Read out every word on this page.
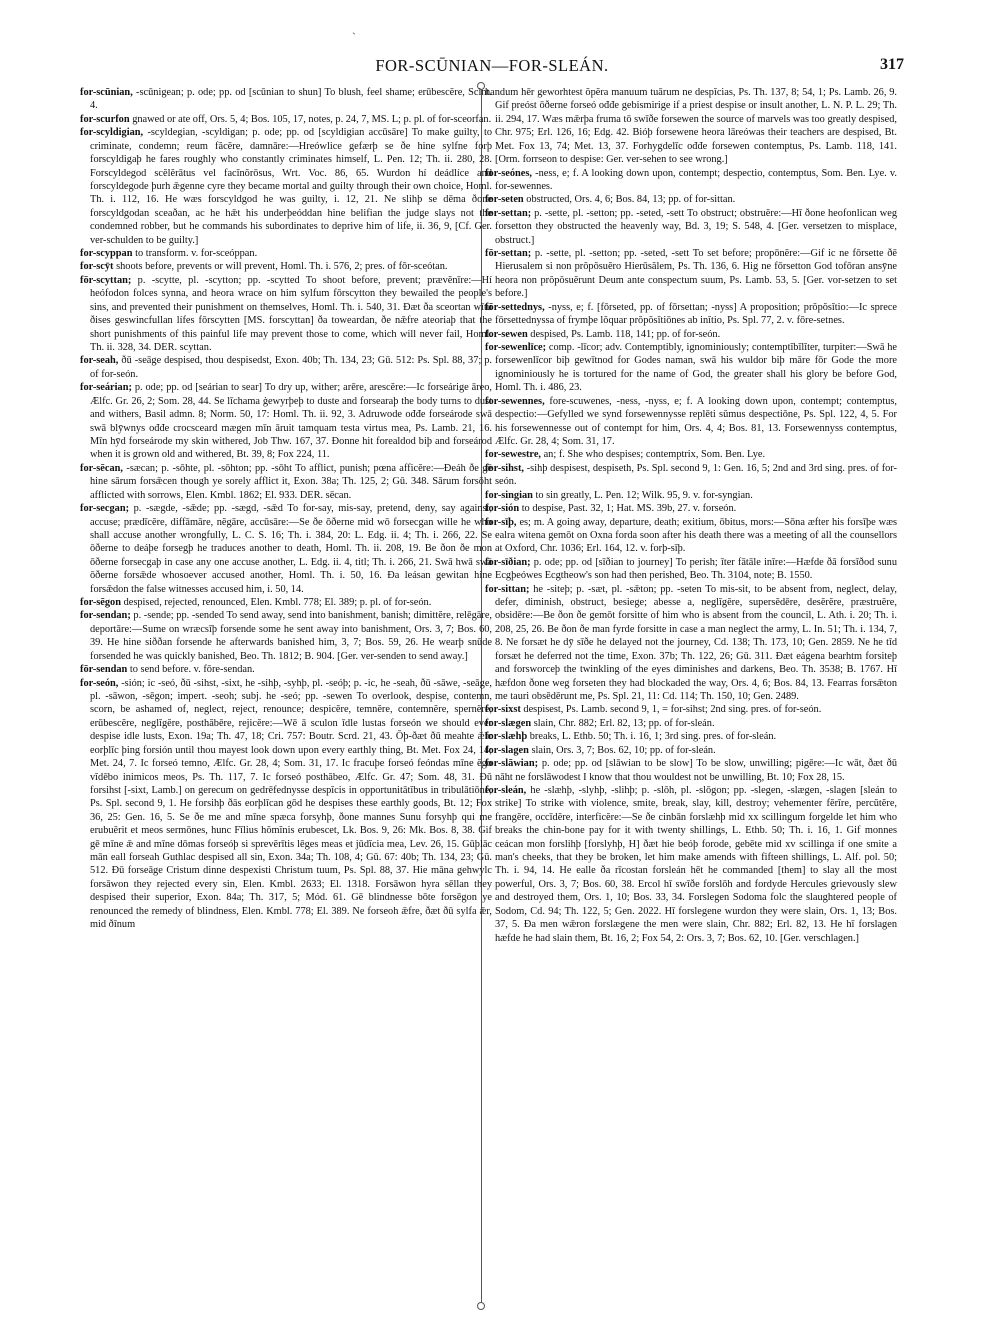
`
FOR-SCŪNIAN—FOR-SLEÁN.	317

for-scūnian, -scūnigean; p. ode; pp. od [scūnian to shun] To blush, feel shame; erūbescĕre, Scint. 4.

for-scurfon gnawed or ate off, Ors. 5, 4; Bos. 105, 17, notes, p. 24, 7, MS. L; p. pl. of for-sceorfan.

for-scyldigian, -scyldegian, -scyldigan; p. ode; pp. od [scyldigian accūsāre] To make guilty, to criminate, condemn; reum făcĕre, damnāre:—Hreówlice gefærþ se ðe hine sylfne forþ forscyldigaþ he fares roughly who constantly criminates himself, L. Pen. 12; Th. ii. 280, 28. Forscyldegod scĕlĕrātus vel facĭnŏrōsus, Wrt. Voc. 86, 65. Wurdon hí deádlíce and forscyldegode þurh ǣgenne cyre they became mortal and guilty through their own choice, Homl. Th. i. 112, 16. He wæs forscyldgod he was guilty, i. 12, 21. Ne slihþ se dēma ðone forscyldgodan sceaðan, ac he hǣt his underþeóddan hine belifian the judge slays not the condemned robber, but he commands his subordinates to deprive him of life, ii. 36, 9, [Cf. Ger. ver-schulden to be guilty.]

for-scyppan to transform. v. for-sceóppan.

for-scȳt shoots before, prevents or will prevent, Homl. Th. i. 576, 2; pres. of fōr-sceótan.

fōr-scyttan; p. -scytte, pl. -scytton; pp. -scytted To shoot before, prevent; prævĕnīre:—Hí heófodon folces synna, and heora wrace on him sylfum fōrscytton they bewailed the people's sins, and prevented their punishment on themselves, Homl. Th. i. 540, 31. Ðæt ða sceortan wītu ðises geswincfullan lífes fōrscytten [MS. forscyttan] ða toweardan, ðe nǣfre ateoriaþ that the short punishments of this painful life may prevent those to come, which will never fail, Homl. Th. ii. 328, 34. DER. scyttan.

for-seah, ðū -seāge despised, thou despisedst, Exon. 40b; Th. 134, 23; Gū. 512: Ps. Spl. 88, 37; p. of for-seón.

for-seárian; p. ode; pp. od [seárian to sear] To dry up, wither; arēre, arescĕre:—Ic forseárige āreo, Ælfc. Gr. 26, 2; Som. 28, 44. Se līchama ġewyrþeþ to duste and forsearaþ the body turns to dust and withers, Basil admn. 8; Norm. 50, 17: Homl. Th. ii. 92, 3. Adruwode ođđe forseárode swā swā blȳwnys ođđe crocsceard mægen mīn āruit tamquam testa virtus mea, Ps. Lamb. 21, 16. Mīn hȳd forseárode my skin withered, Job Thw. 167, 37. Ðonne hit forealdod biþ and forseárod when it is grown old and withered, Bt. 39, 8; Fox 224, 11.

for-sēcan, -sæcan; p. -sōhte, pl. -sōhton; pp. -sōht To afflict, punish; pœna afficĕre:—Ðeáh ðe gē hine sārum forsǣcen though ye sorely afflict it, Exon. 38a; Th. 125, 2; Gū. 348. Sārum forsōht afflicted with sorrows, Elen. Kmbl. 1862; El. 933. DER. sēcan.

for-secgan; p. -sægde, -sǣde; pp. -sægd, -sǣd To for-say, mis-say, pretend, deny, say against, accuse; prædīcĕre, diffāmāre, nĕgāre, accūsāre:—Se ðe ōðerne mid wō forsecgan wille he who shall accuse another wrongfully, L. C. S. 16; Th. i. 384, 20: L. Edg. ii. 4; Th. i. 266, 22. Se ōðerne to deáþe forsegþ he traduces another to death, Homl. Th. ii. 208, 19. Be ðon ðe mon ōðerne forsecgaþ in case any one accuse another, L. Edg. ii. 4, titl; Th. i. 266, 21. Swā hwā swā ōðerne forsǣde whosoever accused another, Homl. Th. i. 50, 16. Ða leásan gewitan hine forsǣdon the false witnesses accused him, i. 50, 14.

for-sēgon despised, rejected, renounced, Elen. Kmbl. 778; El. 389; p. pl. of for-seón.

for-sendan; p. -sende; pp. -sended To send away, send into banishment, banish; dimittĕre, relēgāre, deportāre:—Sume on wræcsīþ forsende some he sent away into banishment, Ors. 3, 7; Bos. 60, 39. He hine siððan forsende he afterwards banished him, 3, 7; Bos. 59, 26. He wearþ snūde forsended he was quickly banished, Beo. Th. 1812; B. 904. [Ger. ver-senden to send away.]

fōr-sendan to send before. v. fōre-sendan.

for-seón, -sión; ic -seó, ðū -sihst, -sixt, he -sihþ, -syhþ, pl. -seóþ; p. -ic, he -seah, ðū -sāwe, -seāge, pl. -sāwon, -sēgon; impert. -seoh; subj. he -seó; pp. -sewen To overlook, despise, contemn, scorn, be ashamed of, neglect, reject, renounce; despicĕre, temnĕre, contemnĕre, spernĕre, erūbescĕre, neglĭgĕre, posthăbēre, rejicĕre:—Wē ā sculon īdle lustas forseón we should ever despise idle lusts, Exon. 19a; Th. 47, 18; Cri. 757: Boutr. Scrd. 21, 43. Ōþ-ðæt ðū meahte ǣlc eorþlīc þing forsión until thou mayest look down upon every earthly thing, Bt. Met. Fox 24, 14; Met. 24, 7. Ic forseó temno, Ælfc. Gr. 28, 4; Som. 31, 17. Ic fracuþe forseó feóndas mīne ĕgo vĭdēbo inimicos meos, Ps. Th. 117, 7. Ic forseó posthăbeo, Ælfc. Gr. 47; Som. 48, 31. Ðū forsihst [-sixt, Lamb.] on gerecum on gedrēfednysse despĭcis in opportunitātĭbus in tribulātiōne, Ps. Spl. second 9, 1. He forsihþ ðās eorþlīcan gōd he despises these earthly goods, Bt. 12; Fox 36, 25: Gen. 16, 5. Se ðe me and mīne spæca forsyhþ, ðone mannes Sunu forsyhþ qui me erubuĕrit et meos sermōnes, hunc Fīlius hŏmĭnis erubescet, Lk. Bos. 9, 26: Mk. Bos. 8, 38. Gif gē mīne ǣ and mīne dōmas forseóþ si sprevĕrītis lēges meas et jūdĭcia mea, Lev. 26, 15. Gūþlāc mān eall forseah Guthlac despised all sin, Exon. 34a; Th. 108, 4; Gū. 67: 40b; Th. 134, 23; Gū. 512. Ðū forseāge Cristum dinne despexisti Christum tuum, Ps. Spl. 88, 37. Hie māna gehwylc forsāwon they rejected every sin, Elen. Kmbl. 2633; El. 1318. Forsāwon hyra sēllan they despised their superior, Exon. 84a; Th. 317, 5; Mód. 61. Gē blindnesse bōte forsēgon ye renounced the remedy of blindness, Elen. Kmbl. 778; El. 389. Ne forseoh ǣfre, ðæt ðū sylfa ǣr, mid ðīnum

handum hēr geworhtest ŏpĕra manuum tuārum ne despĭcias, Ps. Th. 137, 8; 54, 1; Ps. Lamb. 26, 9. Gif preóst ōðerne forseó ođđe gebismirige if a priest despise or insult another, L. N. P. L. 29; Th. ii. 294, 17. Wæs mǣrþa fruma tō swīðe forsewen the source of marvels was too greatly despised, Chr. 975; Erl. 126, 16; Edg. 42. Bióþ forsewene heora lāreówas their teachers are despised, Bt. Met. Fox 13, 74; Met. 13, 37. Forhygdelīc ođđe forsewen contemptus, Ps. Lamb. 118, 141. [Orm. forrseon to despise: Ger. ver-sehen to see wrong.]

for-seónes, -ness, e; f. A looking down upon, contempt; despectio, contemptus, Som. Ben. Lye. v. for-sewennes.

for-seten obstructed, Ors. 4, 6; Bos. 84, 13; pp. of for-sittan.

for-settan; p. -sette, pl. -setton; pp. -seted, -sett To obstruct; obstruĕre:—Hī ðone heofonlican weg forsetton they obstructed the heavenly way, Bd. 3, 19; S. 548, 4. [Ger. versetzen to misplace, obstruct.]

fōr-settan; p. -sette, pl. -setton; pp. -seted, -sett To set before; propōnĕre:—Gif ic ne fōrsette ðē Hierusalem si non prŏpŏsuĕro Hierūsălem, Ps. Th. 136, 6. Hig ne fōrsetton God tofōran ansȳne heora non prŏpŏsuĕrunt Deum ante conspectum suum, Ps. Lamb. 53, 5. [Ger. vor-setzen to set before.]

fōr-settednys, -nyss, e; f. [fōrseted, pp. of fōrsettan; -nyss] A proposition; prŏpŏsĭtio:—Ic sprece fōrsettednyssa of frymþe lŏquar prŏpŏsĭtiōnes ab inĭtio, Ps. Spl. 77, 2. v. fōre-setnes.

for-sewen despised, Ps. Lamb. 118, 141; pp. of for-seón.

for-sewenlīce; comp. -līcor; adv. Contemptibly, ignominiously; contemptĭbĭlĭter, turpiter:—Swā he forsewenlīcor biþ gewītnod for Godes naman, swā his wuldor biþ māre fōr Gode the more ignominiously he is tortured for the name of God, the greater shall his glory be before God, Homl. Th. i. 486, 23.

for-sewennes, fore-scuwenes, -ness, -nyss, e; f. A looking down upon, contempt; contemptus, despectio:—Gefylled we synd forsewennysse replēti sŭmus despectiōne, Ps. Spl. 122, 4, 5. For his forsewennesse out of contempt for him, Ors. 4, 4; Bos. 81, 13. Forsewennyss contemptus, Ælfc. Gr. 28, 4; Som. 31, 17.

for-sewestre, an; f. She who despises; contemptrix, Som. Ben. Lye.

for-sihst, -sihþ despisest, despiseth, Ps. Spl. second 9, 1: Gen. 16, 5; 2nd and 3rd sing. pres. of for-seón.

for-singian to sin greatly, L. Pen. 12; Wilk. 95, 9. v. for-syngian.

for-sión to despise, Past. 32, 1; Hat. MS. 39b, 27. v. forseón.

for-sīþ, es; m. A going away, departure, death; exitium, ōbitus, mors:—Sōna æfter his forsīþe wæs ealra witena gemōt on Oxna forda soon after his death there was a meeting of all the counsellors at Oxford, Chr. 1036; Erl. 164, 12. v. forþ-sīþ.

for-sīðian; p. ode; pp. od [sīðian to journey] To perish; īter fātāle inīre:—Hæfde ðā forsīðod sunu Ecgþeówes Ecgtheow's son had then perished, Beo. Th. 3104, note; B. 1550.

for-sittan; he -siteþ; p. -sæt, pl. -sǣton; pp. -seten To mis-sit, to be absent from, neglect, delay, defer, diminish, obstruct, besiege; abesse a, neglĭgĕre, supersĕdēre, desĕrĕre, præstruĕre, obsidēre:—Be ðon ðe gemōt forsitte of him who is absent from the council, L. Ath. i. 20; Th. i. 208, 25, 26. Be ðon ðe man fyrde forsitte in case a man neglect the army, L. In. 51; Th. i. 134, 7, 8. Ne forsæt he dȳ sīðe he delayed not the journey, Cd. 138; Th. 173, 10; Gen. 2859. Ne he tīd forsæt he deferred not the time, Exon. 37b; Th. 122, 26; Gū. 311. Ðæt eágena bearhtm forsiteþ and forsworceþ the twinkling of the eyes diminishes and darkens, Beo. Th. 3538; B. 1767. Hī hæfdon ðone weg forseten they had blockaded the way, Ors. 4, 6; Bos. 84, 13. Fearras forsǣton me tauri obsēdērunt me, Ps. Spl. 21, 11: Cd. 114; Th. 150, 10; Gen. 2489.

for-sixst despisest, Ps. Lamb. second 9, 1, = for-sihst; 2nd sing. pres. of for-seón.

for-slægen slain, Chr. 882; Erl. 82, 13; pp. of for-sleán.

for-slæhþ breaks, L. Ethb. 50; Th. i. 16, 1; 3rd sing. pres. of for-sleán.

for-slagen slain, Ors. 3, 7; Bos. 62, 10; pp. of for-sleán.

for-slāwian; p. ode; pp. od [slāwian to be slow] To be slow, unwilling; pigēre:—Ic wāt, ðæt ðū nāht ne forslāwodest I know that thou wouldest not be unwilling, Bt. 10; Fox 28, 15.

for-sleán, he -slæhþ, -slyhþ, -slihþ; p. -slōh, pl. -slōgon; pp. -slegen, -slægen, -slagen [sleán to strike] To strike with violence, smite, break, slay, kill, destroy; vehementer fĕrīre, percŭtĕre, frangĕre, occīdĕre, interficĕre:—Se ðe cinbān forslæhþ mid xx scillingum forgelde let him who breaks the chin-bone pay for it with twenty shillings, L. Ethb. 50; Th. i. 16, 1. Gif monnes ceácan mon forslihþ [forslyhþ, H] ðæt hie beóþ forode, gebēte mid xv scillinga if one smite a man's cheeks, that they be broken, let him make amends with fifteen shillings, L. Alf. pol. 50; Th. i. 94, 14. He ealle ða rīcostan forsleán hēt he commanded [them] to slay all the most powerful, Ors. 3, 7; Bos. 60, 38. Ercol hī swīðe forslōh and fordyde Hercules grievously slew and destroyed them, Ors. 1, 10; Bos. 33, 34. Forslegen Sodoma folc the slaughtered people of Sodom, Cd. 94; Th. 122, 5; Gen. 2022. Hī forslegene wurdon they were slain, Ors. 1, 13; Bos. 37, 5. Ða men wǣron forslægene the men were slain, Chr. 882; Erl. 82, 13. He hī forslagen hæfde he had slain them, Bt. 16, 2; Fox 54, 2: Ors. 3, 7; Bos. 62, 10. [Ger. verschlagen.]
